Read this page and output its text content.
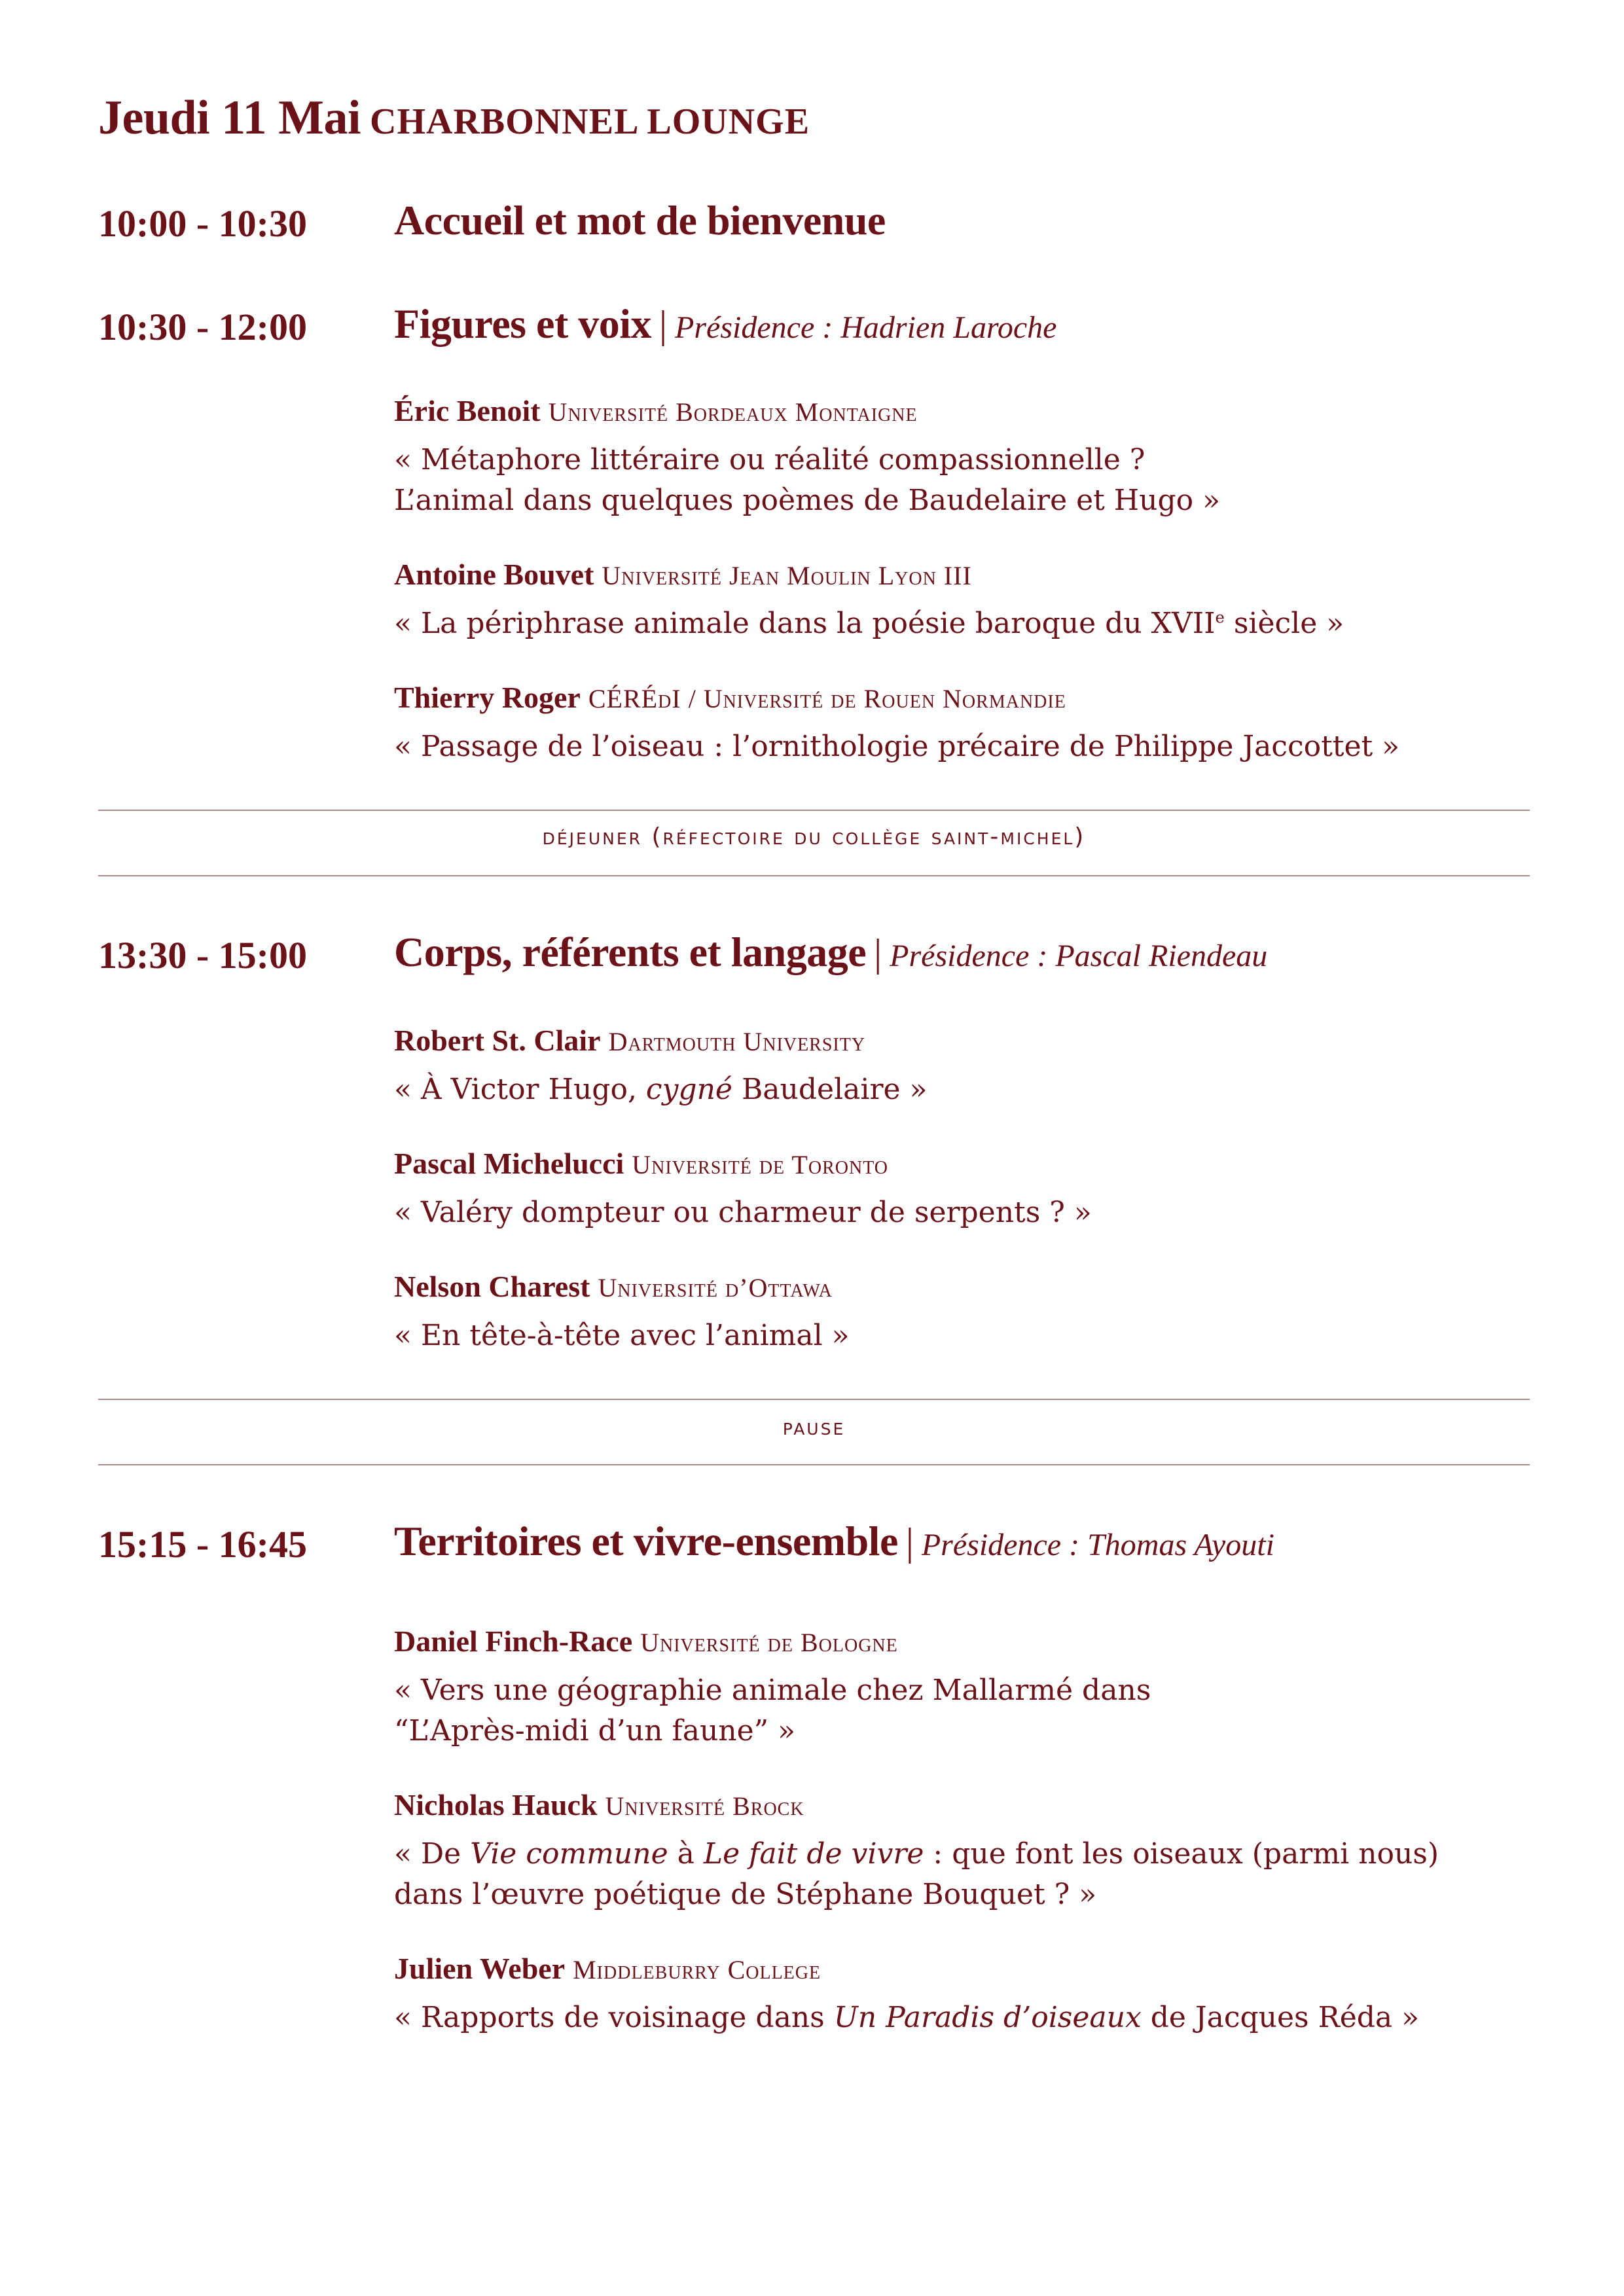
Jeudi 11 Mai CHARBONNEL LOUNGE
10:00 - 10:30 Accueil et mot de bienvenue
10:30 - 12:00 Figures et voix | Présidence : Hadrien Laroche
Éric Benoit Université Bordeaux Montaigne
« Métaphore littéraire ou réalité compassionnelle ?
L’animal dans quelques poèmes de Baudelaire et Hugo »
Antoine Bouvet Université Jean Moulin Lyon III
« La périphrase animale dans la poésie baroque du XVIIe siècle »
Thierry Roger CÉRÉdI / Université de Rouen Normandie
« Passage de l’oiseau : l’ornithologie précaire de Philippe Jaccottet »
déjeuner (réfectoire du collège saint-michel)
13:30 - 15:00 Corps, référents et langage | Présidence : Pascal Riendeau
Robert St. Clair Dartmouth University
« À Victor Hugo, cygné Baudelaire »
Pascal Michelucci Université de Toronto
« Valéry dompteur ou charmeur de serpents ? »
Nelson Charest Université d’Ottawa
« En tête-à-tête avec l’animal »
pause
15:15 - 16:45 Territoires et vivre-ensemble | Présidence : Thomas Ayouti
Daniel Finch-Race Université de Bologne
« Vers une géographie animale chez Mallarmé dans
“L’Après-midi d’un faune” »
Nicholas Hauck Université Brock
« De Vie commune à Le fait de vivre : que font les oiseaux (parmi nous)
dans l’œuvre poétique de Stéphane Bouquet ? »
Julien Weber Middleburry College
« Rapports de voisinage dans Un Paradis d’oiseaux de Jacques Réda »
